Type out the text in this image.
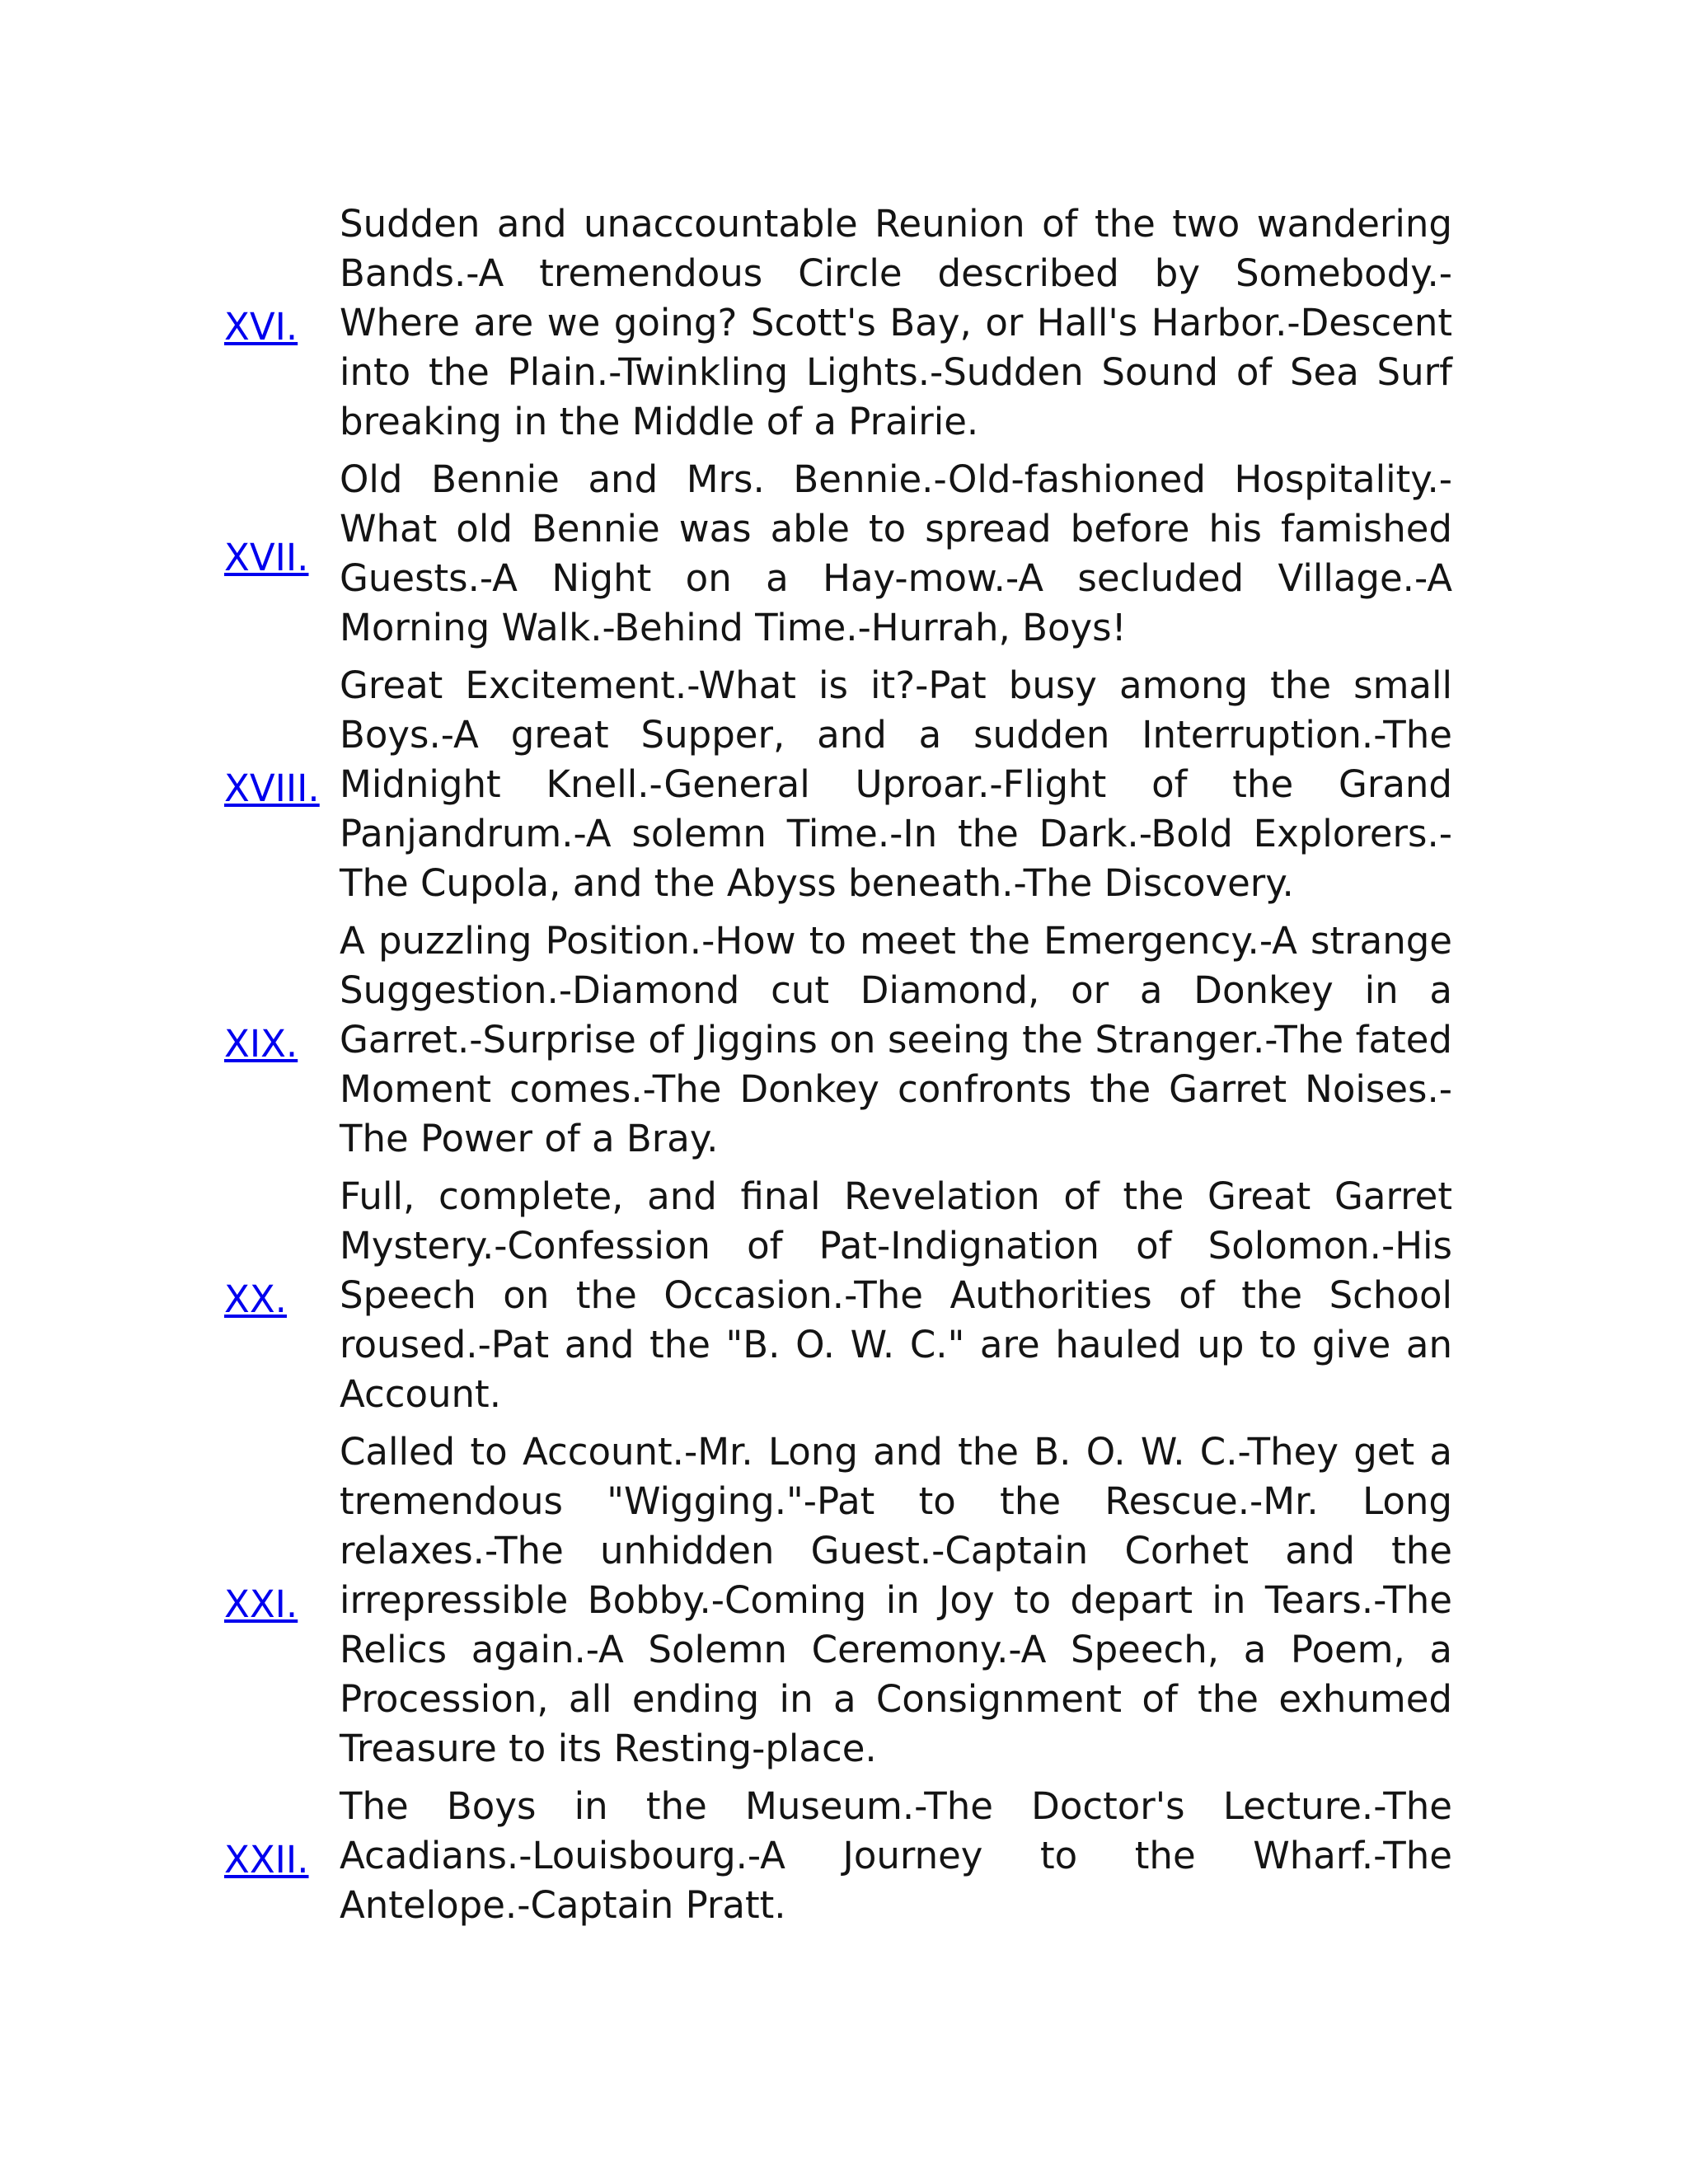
XVI.	Sudden and unaccountable Reunion of the two wandering Bands.-A tremendous Circle described by Somebody.-Where are we going? Scott's Bay, or Hall's Harbor.-Descent into the Plain.-Twinkling Lights.-Sudden Sound of Sea Surf breaking in the Middle of a Prairie.
XVII.	Old Bennie and Mrs. Bennie.-Old-fashioned Hospitality.-What old Bennie was able to spread before his famished Guests.-A Night on a Hay-mow.-A secluded Village.-A Morning Walk.-Behind Time.-Hurrah, Boys!
XVIII.	Great Excitement.-What is it?-Pat busy among the small Boys.-A great Supper, and a sudden Interruption.-The Midnight Knell.-General Uproar.-Flight of the Grand Panjandrum.-A solemn Time.-In the Dark.-Bold Explorers.-The Cupola, and the Abyss beneath.-The Discovery.
XIX.	A puzzling Position.-How to meet the Emergency.-A strange Suggestion.-Diamond cut Diamond, or a Donkey in a Garret.-Surprise of Jiggins on seeing the Stranger.-The fated Moment comes.-The Donkey confronts the Garret Noises.-The Power of a Bray.
XX.	Full, complete, and final Revelation of the Great Garret Mystery.-Confession of Pat-Indignation of Solomon.-His Speech on the Occasion.-The Authorities of the School roused.-Pat and the "B. O. W. C." are hauled up to give an Account.
XXI.	Called to Account.-Mr. Long and the B. O. W. C.-They get a tremendous "Wigging."-Pat to the Rescue.-Mr. Long relaxes.-The unhidden Guest.-Captain Corhet and the irrepressible Bobby.-Coming in Joy to depart in Tears.-The Relics again.-A Solemn Ceremony.-A Speech, a Poem, a Procession, all ending in a Consignment of the exhumed Treasure to its Resting-place.
XXII.	The Boys in the Museum.-The Doctor's Lecture.-The Acadians.-Louisbourg.-A Journey to the Wharf.-The Antelope.-Captain Pratt.
